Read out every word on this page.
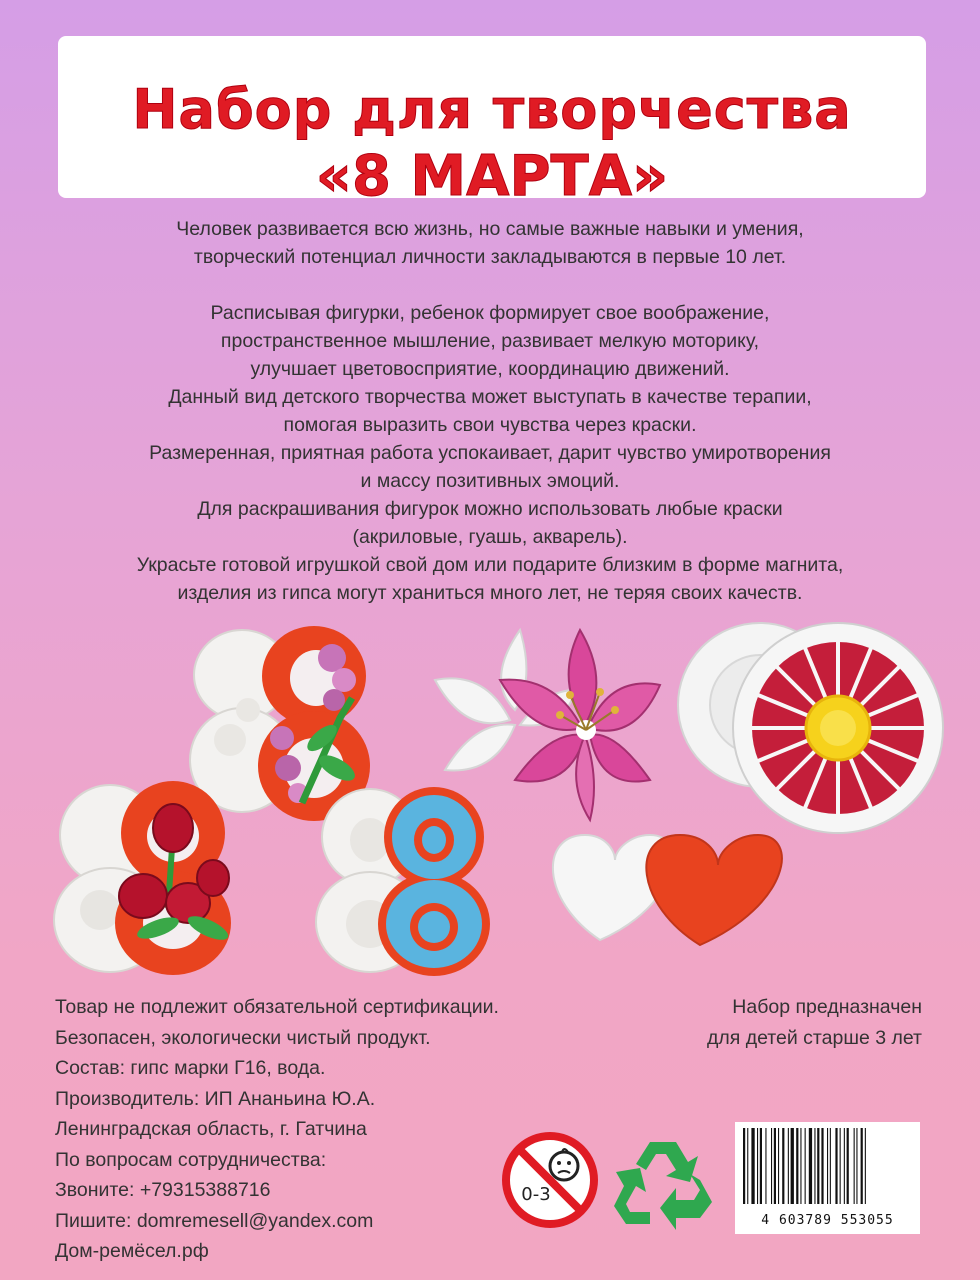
Набор для творчества
«8 МАРТА»

Человек развивается всю жизнь, но самые важные навыки и умения,

творческий потенциал личности закладываются в первые 10 лет.

Расписывая фигурки, ребенок формирует свое воображение,

пространственное мышление, развивает мелкую моторику,

улучшает цветовосприятие, координацию движений.

Данный вид детского творчества может выступать в качестве терапии,

помогая выразить свои чувства через краски.

Размеренная, приятная работа успокаивает, дарит чувство умиротворения

и массу позитивных эмоций.

Для раскрашивания фигурок можно использовать любые краски

(акриловые, гуашь, акварель).

Украсьте готовой игрушкой свой дом или подарите близким в форме магнита,

изделия из гипса могут храниться много лет, не теряя своих качеств.

Товар не подлежит обязательной сертификации.
Безопасен, экологически чистый продукт.
Состав: гипс марки Г16, вода.
Производитель: ИП Ананьина Ю.А.
Ленинградская область, г. Гатчина
По вопросам сотрудничества:
Звоните: +79315388716
Пишите: domremesell@yandex.com
Дом-ремёсел.рф
Набор предназначен
для детей старше 3 лет
0-3
4 603789 553055
